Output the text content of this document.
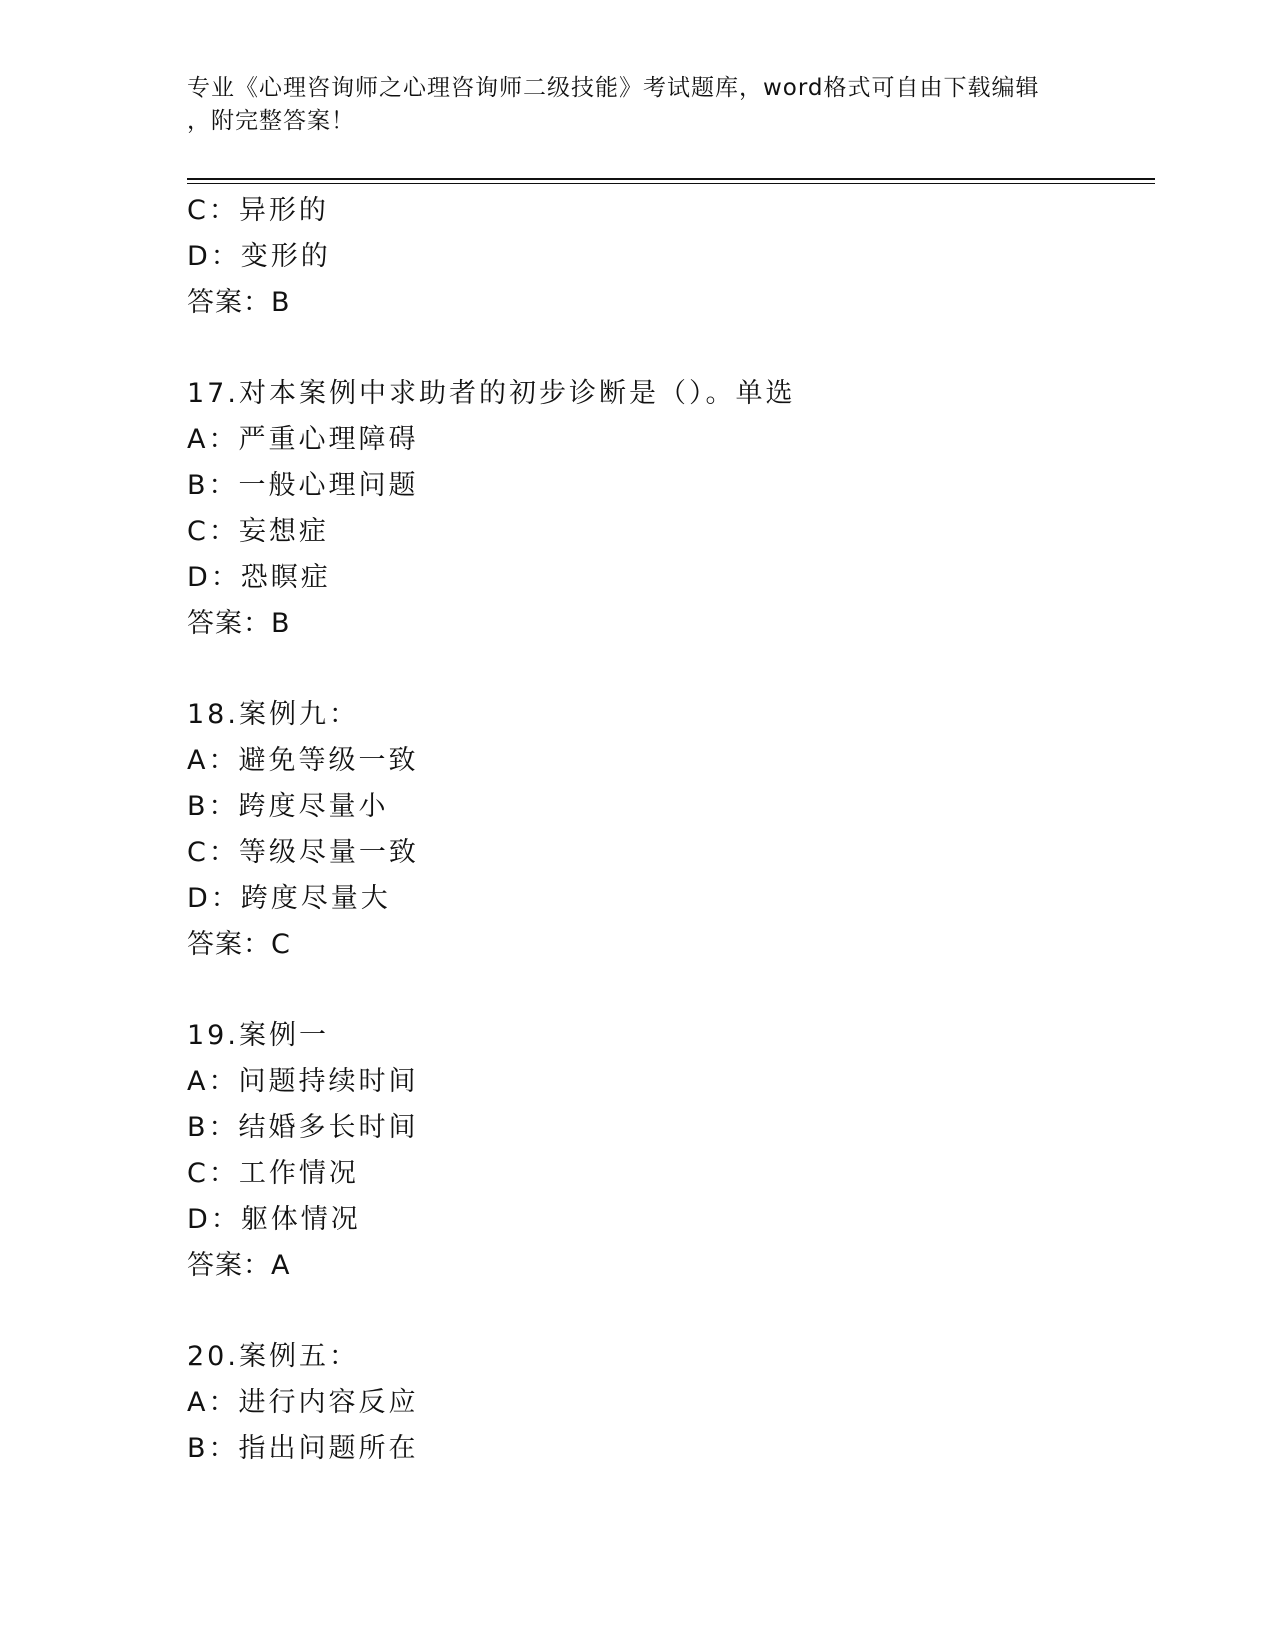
专业《心理咨询师之心理咨询师二级技能》考试题库，word格式可自由下载编辑
，附完整答案！
C：异形的
D：变形的
答案：B
17.对本案例中求助者的初步诊断是（）。单选
A：严重心理障碍
B：一般心理问题
C：妄想症
D：恐瞑症
答案：B
18.案例九：
A：避免等级一致
B：跨度尽量小
C：等级尽量一致
D：跨度尽量大
答案：C
19.案例一
A：问题持续时间
B：结婚多长时间
C：工作情况
D：躯体情况
答案：A
20.案例五：
A：进行内容反应
B：指出问题所在
